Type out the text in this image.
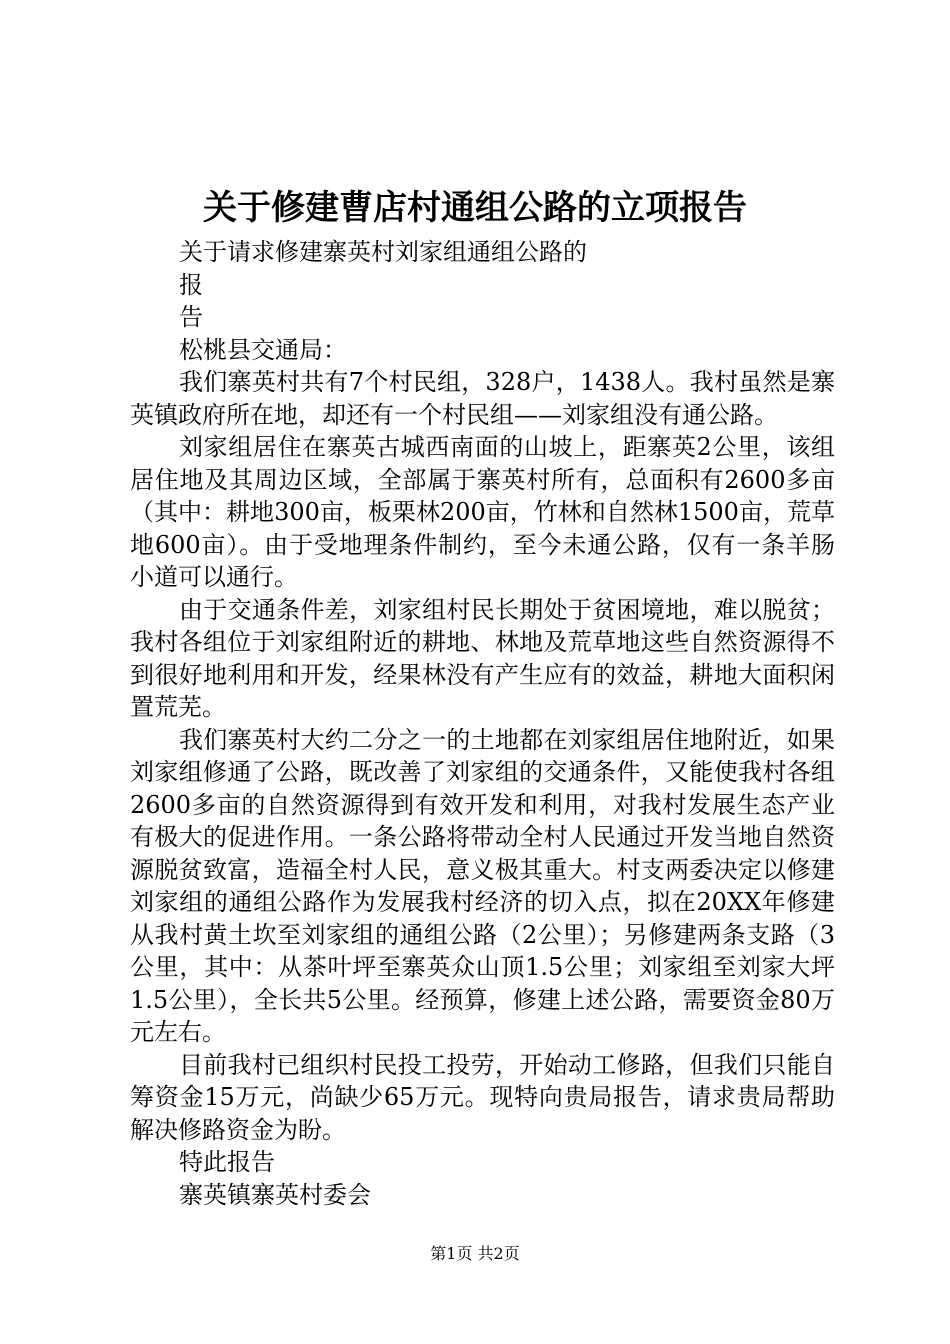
关于修建曹店村通组公路的立项报告
关于请求修建寨英村刘家组通组公路的
报
告
松桃县交通局：

我们寨英村共有7个村民组，328户，1438人。我村虽然是寨英镇政府所在地，却还有一个村民组——刘家组没有通公路。

刘家组居住在寨英古城西南面的山坡上，距寨英2公里，该组居住地及其周边区域，全部属于寨英村所有，总面积有2600多亩（其中：耕地300亩，板栗林200亩，竹林和自然林1500亩，荒草地600亩）。由于受地理条件制约，至今未通公路，仅有一条羊肠小道可以通行。

由于交通条件差，刘家组村民长期处于贫困境地，难以脱贫；我村各组位于刘家组附近的耕地、林地及荒草地这些自然资源得不到很好地利用和开发，经果林没有产生应有的效益，耕地大面积闲置荒芜。

我们寨英村大约二分之一的土地都在刘家组居住地附近，如果刘家组修通了公路，既改善了刘家组的交通条件，又能使我村各组2600多亩的自然资源得到有效开发和利用，对我村发展生态产业有极大的促进作用。一条公路将带动全村人民通过开发当地自然资源脱贫致富，造福全村人民，意义极其重大。村支两委决定以修建刘家组的通组公路作为发展我村经济的切入点，拟在20XX年修建从我村黄土坎至刘家组的通组公路（2公里）；另修建两条支路（3公里，其中：从茶叶坪至寨英众山顶1.5公里；刘家组至刘家大坪1.5公里），全长共5公里。经预算，修建上述公路，需要资金80万元左右。

目前我村已组织村民投工投劳，开始动工修路，但我们只能自筹资金15万元，尚缺少65万元。现特向贵局报告，请求贵局帮助解决修路资金为盼。

特此报告
寨英镇寨英村委会
第1页 共2页
